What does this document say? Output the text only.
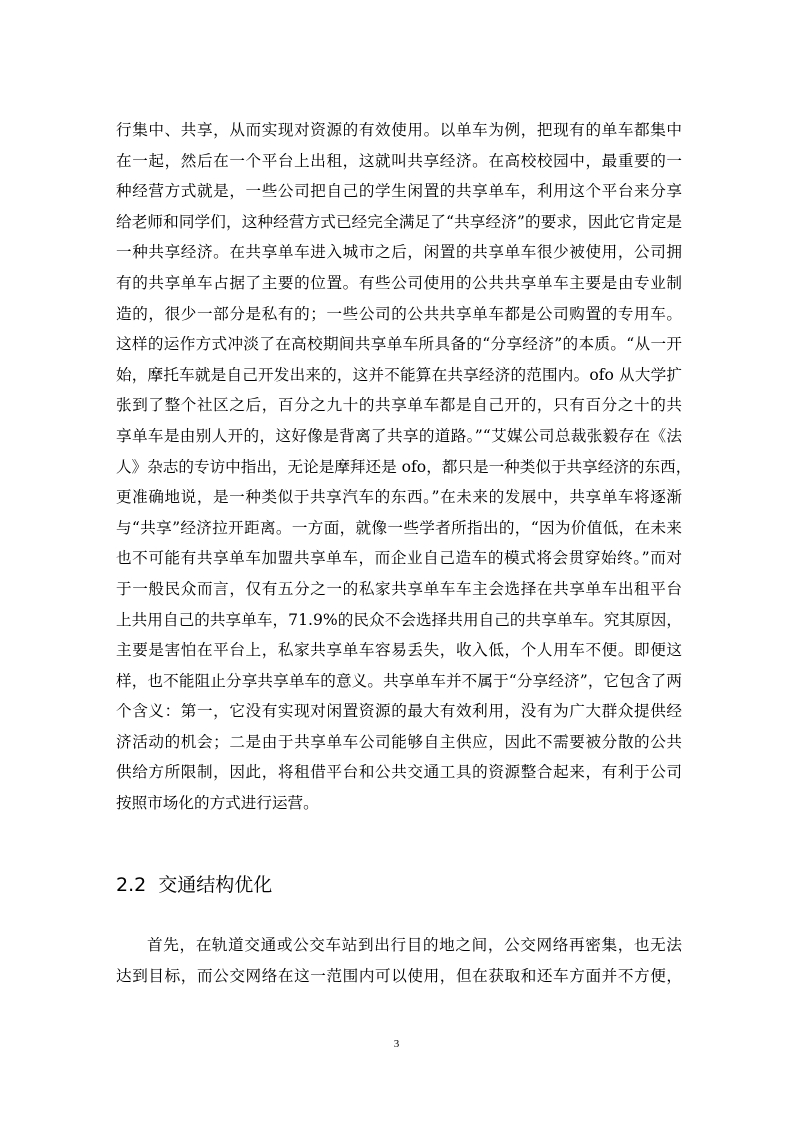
行集中、共享，从而实现对资源的有效使用。以单车为例，把现有的单车都集中
在一起，然后在一个平台上出租，这就叫共享经济。在高校校园中，最重要的一
种经营方式就是，一些公司把自己的学生闲置的共享单车，利用这个平台来分享
给老师和同学们，这种经营方式已经完全满足了“共享经济”的要求，因此它肯定是
一种共享经济。在共享单车进入城市之后，闲置的共享单车很少被使用，公司拥
有的共享单车占据了主要的位置。有些公司使用的公共共享单车主要是由专业制
造的，很少一部分是私有的；一些公司的公共共享单车都是公司购置的专用车。
这样的运作方式冲淡了在高校期间共享单车所具备的“分享经济”的本质。“从一开
始，摩托车就是自己开发出来的，这并不能算在共享经济的范围内。ofo 从大学扩
张到了整个社区之后，百分之九十的共享单车都是自己开的，只有百分之十的共
享单车是由别人开的，这好像是背离了共享的道路。”“艾媒公司总裁张毅存在《法
人》杂志的专访中指出，无论是摩拜还是 ofo，都只是一种类似于共享经济的东西，
更准确地说，是一种类似于共享汽车的东西。”在未来的发展中，共享单车将逐渐
与“共享”经济拉开距离。一方面，就像一些学者所指出的，“因为价值低，在未来
也不可能有共享单车加盟共享单车，而企业自己造车的模式将会贯穿始终。”而对
于一般民众而言，仅有五分之一的私家共享单车车主会选择在共享单车出租平台
上共用自己的共享单车，71.9%的民众不会选择共用自己的共享单车。究其原因，
主要是害怕在平台上，私家共享单车容易丢失，收入低，个人用车不便。即便这
样，也不能阻止分享共享单车的意义。共享单车并不属于“分享经济”，它包含了两
个含义：第一，它没有实现对闲置资源的最大有效利用，没有为广大群众提供经
济活动的机会；二是由于共享单车公司能够自主供应，因此不需要被分散的公共
供给方所限制，因此，将租借平台和公共交通工具的资源整合起来，有利于公司
按照市场化的方式进行运营。
2.2 交通结构优化
首先，在轨道交通或公交车站到出行目的地之间，公交网络再密集，也无法
达到目标，而公交网络在这一范围内可以使用，但在获取和还车方面并不方便，
3
